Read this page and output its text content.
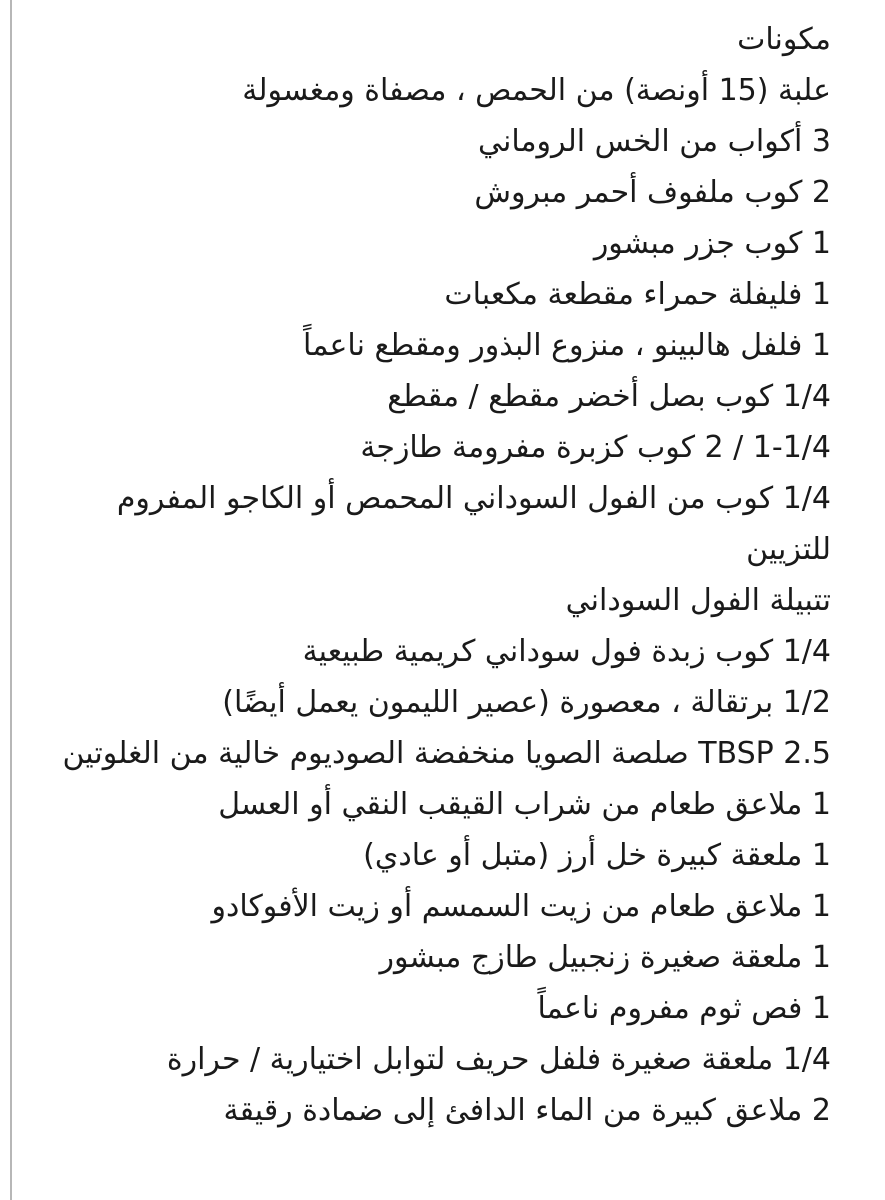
مكونات
علبة (15 أونصة) من الحمص ، مصفاة ومغسولة
3 أكواب من الخس الروماني
2 كوب ملفوف أحمر مبروش
1 كوب جزر مبشور
1 فليفلة حمراء مقطعة مكعبات
1 فلفل هالبينو ، منزوع البذور ومقطع ناعماً
1/4 كوب بصل أخضر مقطع / مقطع
1-1/4 / 2 كوب كزبرة مفرومة طازجة
1/4 كوب من الفول السوداني المحمص أو الكاجو المفروم للتزيين
تتبيلة الفول السوداني
1/4 كوب زبدة فول سوداني كريمية طبيعية
1/2 برتقالة ، معصورة (عصير الليمون يعمل أيضًا)
TBSP 2.5 صلصة الصويا منخفضة الصوديوم خالية من الغلوتين
1 ملاعق طعام من شراب القيقب النقي أو العسل
1 ملعقة كبيرة خل أرز (متبل أو عادي)
1 ملاعق طعام من زيت السمسم أو زيت الأفوكادو
1 ملعقة صغيرة زنجبيل طازج مبشور
1 فص ثوم مفروم ناعماً
1/4 ملعقة صغيرة فلفل حريف لتوابل اختيارية / حرارة
2 ملاعق كبيرة من الماء الدافئ إلى ضمادة رقيقة
